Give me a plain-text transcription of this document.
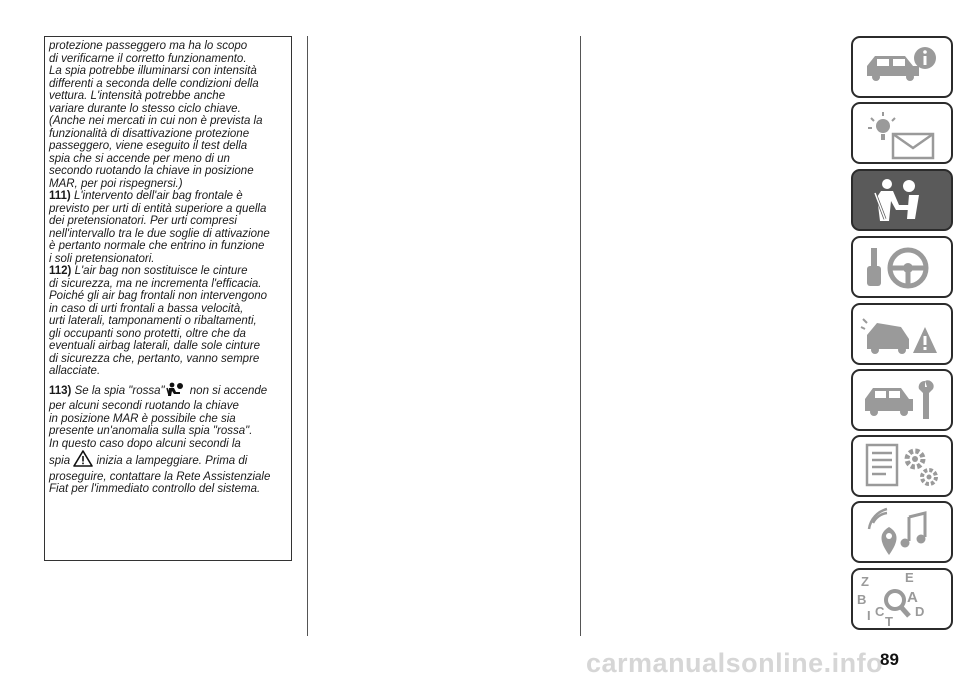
protezione passeggero ma ha lo scopo
di verificarne il corretto funzionamento.
La spia potrebbe illuminarsi con intensità
differenti a seconda delle condizioni della
vettura. L'intensità potrebbe anche
variare durante lo stesso ciclo chiave.
(Anche nei mercati in cui non è prevista la
funzionalità di disattivazione protezione
passeggero, viene eseguito il test della
spia che si accende per meno di un
secondo ruotando la chiave in posizione
MAR, per poi rispegnersi.)

111) L'intervento dell'air bag frontale è
previsto per urti di entità superiore a quella
dei pretensionatori. Per urti compresi
nell'intervallo tra le due soglie di attivazione
è pertanto normale che entrino in funzione
i soli pretensionatori.

112) L'air bag non sostituisce le cinture
di sicurezza, ma ne incrementa l'efficacia.
Poiché gli air bag frontali non intervengono
in caso di urti frontali a bassa velocità,
urti laterali, tamponamenti o ribaltamenti,
gli occupanti sono protetti, oltre che da
eventuali airbag laterali, dalle sole cinture
di sicurezza che, pertanto, vanno sempre
allacciate.

113) Se la spia "rossa" non si accende
per alcuni secondi ruotando la chiave
in posizione MAR è possibile che sia
presente un'anomalia sulla spia "rossa".
In questo caso dopo alcuni secondi la
spia  inizia a lampeggiare. Prima di
proseguire, contattare la Rete Assistenziale
Fiat per l'immediato controllo del sistema.

Z	E
B	A
I C D
T
carmanualsonline.info
89
